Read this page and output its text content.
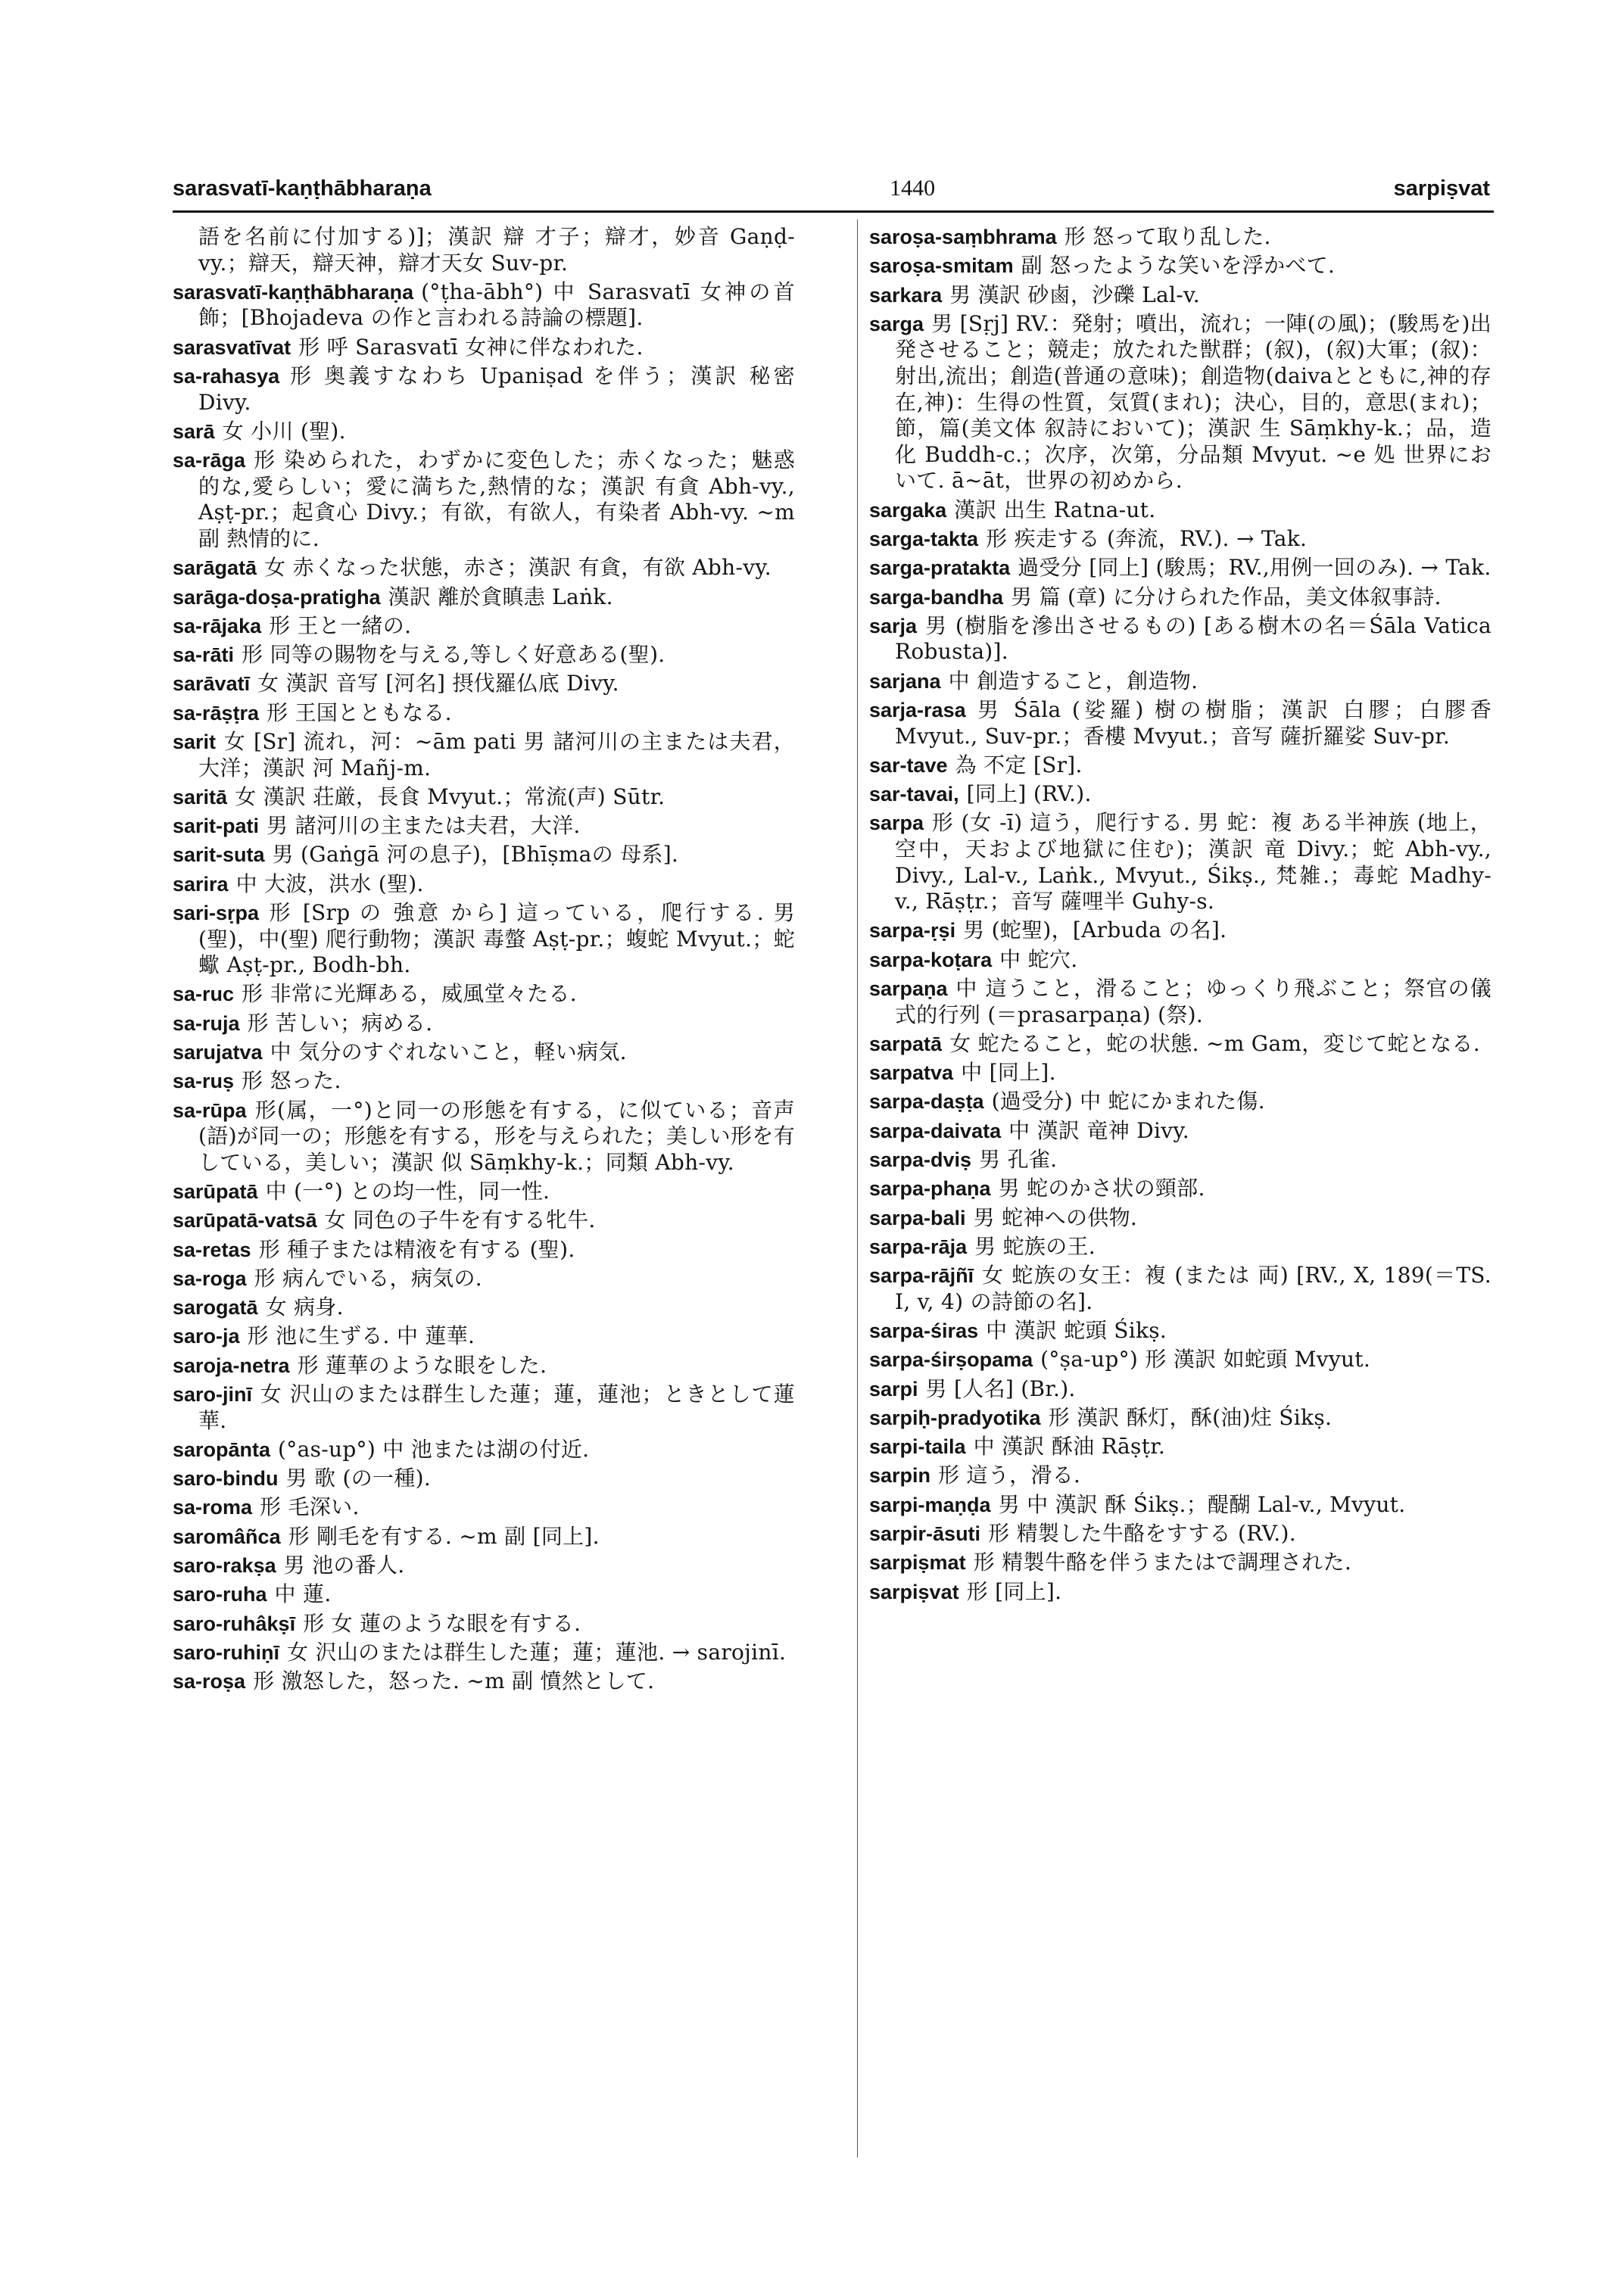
sarasvatī-kaṇṭhābharaṇa	1440	sarpiṣvat

語を名前に付加する)]；漢訳 辯 才子；辯才，妙音 Gaṇḍ-vy.；辯天，辯天神，辯才天女 Suv-pr.

sarasvatī-kaṇṭhābharaṇa (°ṭha-ābh°) 中 Sarasvatī 女神の首飾；[Bhojadeva の作と言われる詩論の標題].

sarasvatīvat 形 呼 Sarasvatī 女神に伴なわれた.

sa-rahasya 形 奥義すなわち Upaniṣad を伴う；漢訳 秘密 Divy.

sarā 女 小川 (聖).

sa-rāga 形 染められた，わずかに変色した；赤くなった；魅惑的な,愛らしい；愛に満ちた,熱情的な；漢訳 有貪 Abh-vy., Aṣṭ-pr.；起貪心 Divy.；有欲，有欲人，有染者 Abh-vy. ~m 副 熱情的に.

sarāgatā 女 赤くなった状態，赤さ；漢訳 有貪，有欲 Abh-vy.

sarāga-doṣa-pratigha 漢訳 離於貪瞋恚 Laṅk.

sa-rājaka 形 王と一緒の.

sa-rāti 形 同等の賜物を与える,等しく好意ある(聖).

sarāvatī 女 漢訳 音写 [河名] 摂伐羅仏底 Divy.

sa-rāṣṭra 形 王国とともなる.

sarit 女 [Sr] 流れ，河：~ām pati 男 諸河川の主または夫君，大洋；漢訳 河 Mañj-m.

saritā 女 漢訳 荘厳，長食 Mvyut.；常流(声) Sūtr.

sarit-pati 男 諸河川の主または夫君，大洋.

sarit-suta 男 (Gaṅgā 河の息子)，[Bhīṣmaの 母系].

sarira 中 大波，洪水 (聖).

sari-sṛpa 形 [Srp の 強意 から] 這っている，爬行する. 男(聖)，中(聖) 爬行動物；漢訳 毒螫 Aṣṭ-pr.；蝮蛇 Mvyut.；蛇蠍 Aṣṭ-pr., Bodh-bh.

sa-ruc 形 非常に光輝ある，威風堂々たる.

sa-ruja 形 苦しい；病める.

sarujatva 中 気分のすぐれないこと，軽い病気.

sa-ruṣ 形 怒った.

sa-rūpa 形(属，一°)と同一の形態を有する，に似ている；音声(語)が同一の；形態を有する，形を与えられた；美しい形を有している，美しい；漢訳 似 Sāṃkhy-k.；同類 Abh-vy.

sarūpatā 中 (一°) との均一性，同一性.

sarūpatā-vatsā 女 同色の子牛を有する牝牛.

sa-retas 形 種子または精液を有する (聖).

sa-roga 形 病んでいる，病気の.

sarogatā 女 病身.

saro-ja 形 池に生ずる. 中 蓮華.

saroja-netra 形 蓮華のような眼をした.

saro-jinī 女 沢山のまたは群生した蓮；蓮，蓮池；ときとして蓮華.

saropānta (°as-up°) 中 池または湖の付近.

saro-bindu 男 歌 (の一種).

sa-roma 形 毛深い.

saromâñca 形 剛毛を有する. ~m 副 [同上].

saro-rakṣa 男 池の番人.

saro-ruha 中 蓮.

saro-ruhâkṣī 形 女 蓮のような眼を有する.

saro-ruhiṇī 女 沢山のまたは群生した蓮；蓮；蓮池. → sarojinī.

sa-roṣa 形 激怒した，怒った. ~m 副 憤然として.

saroṣa-saṃbhrama 形 怒って取り乱した.

saroṣa-smitam 副 怒ったような笑いを浮かべて.

sarkara 男 漢訳 砂鹵，沙礫 Lal-v.

sarga 男 [Sṛj] RV.：発射；噴出，流れ；一陣(の風)；(駿馬を)出発させること；競走；放たれた獣群；(叙)，(叙)大軍；(叙)：射出,流出；創造(普通の意味)；創造物(daivaとともに,神的存在,神)：生得の性質，気質(まれ)；決心，目的，意思(まれ)；節，篇(美文体 叙詩において)；漢訳 生 Sāṃkhy-k.；品，造化 Buddh-c.；次序，次第，分品類 Mvyut. ~e 処 世界において. ā~āt，世界の初めから.

sargaka 漢訳 出生 Ratna-ut.

sarga-takta 形 疾走する (奔流，RV.). → Tak.

sarga-pratakta 過受分 [同上] (駿馬；RV.,用例一回のみ). → Tak.

sarga-bandha 男 篇 (章) に分けられた作品，美文体叙事詩.

sarja 男 (樹脂を滲出させるもの) [ある樹木の名＝Śāla Vatica Robusta)].

sarjana 中 創造すること，創造物.

sarja-rasa 男 Śāla (娑羅) 樹の樹脂；漢訳 白膠；白膠香 Mvyut., Suv-pr.；香樓 Mvyut.；音写 薩折羅娑 Suv-pr.

sar-tave 為 不定 [Sr].

sar-tavai, [同上] (RV.).

sarpa 形 (女 -ī) 這う，爬行する. 男 蛇：複 ある半神族 (地上，空中，天および地獄に住む)；漢訳 竜 Divy.；蛇 Abh-vy., Divy., Lal-v., Laṅk., Mvyut., Śikṣ., 梵雑.；毒蛇 Madhy-v., Rāṣṭr.；音写 薩哩半 Guhy-s.

sarpa-ṛṣi 男 (蛇聖)，[Arbuda の名].

sarpa-koṭara 中 蛇穴.

sarpaṇa 中 這うこと，滑ること；ゆっくり飛ぶこと；祭官の儀式的行列 (＝prasarpaṇa) (祭).

sarpatā 女 蛇たること，蛇の状態. ~m Gam，変じて蛇となる.

sarpatva 中 [同上].

sarpa-daṣṭa (過受分) 中 蛇にかまれた傷.

sarpa-daivata 中 漢訳 竜神 Divy.

sarpa-dviṣ 男 孔雀.

sarpa-phaṇa 男 蛇のかさ状の頸部.

sarpa-bali 男 蛇神への供物.

sarpa-rāja 男 蛇族の王.

sarpa-rājñī 女 蛇族の女王：複 (または 両) [RV., X, 189(＝TS. I, v, 4) の詩節の名].

sarpa-śiras 中 漢訳 蛇頭 Śikṣ.

sarpa-śirṣopama (°ṣa-up°) 形 漢訳 如蛇頭 Mvyut.

sarpi 男 [人名] (Br.).

sarpiḥ-pradyotika 形 漢訳 酥灯，酥(油)炷 Śikṣ.

sarpi-taila 中 漢訳 酥油 Rāṣṭr.

sarpin 形 這う，滑る.

sarpi-maṇḍa 男 中 漢訳 酥 Śikṣ.；醍醐 Lal-v., Mvyut.

sarpir-āsuti 形 精製した牛酪をすする (RV.).

sarpiṣmat 形 精製牛酪を伴うまたはで調理された.

sarpiṣvat 形 [同上].
